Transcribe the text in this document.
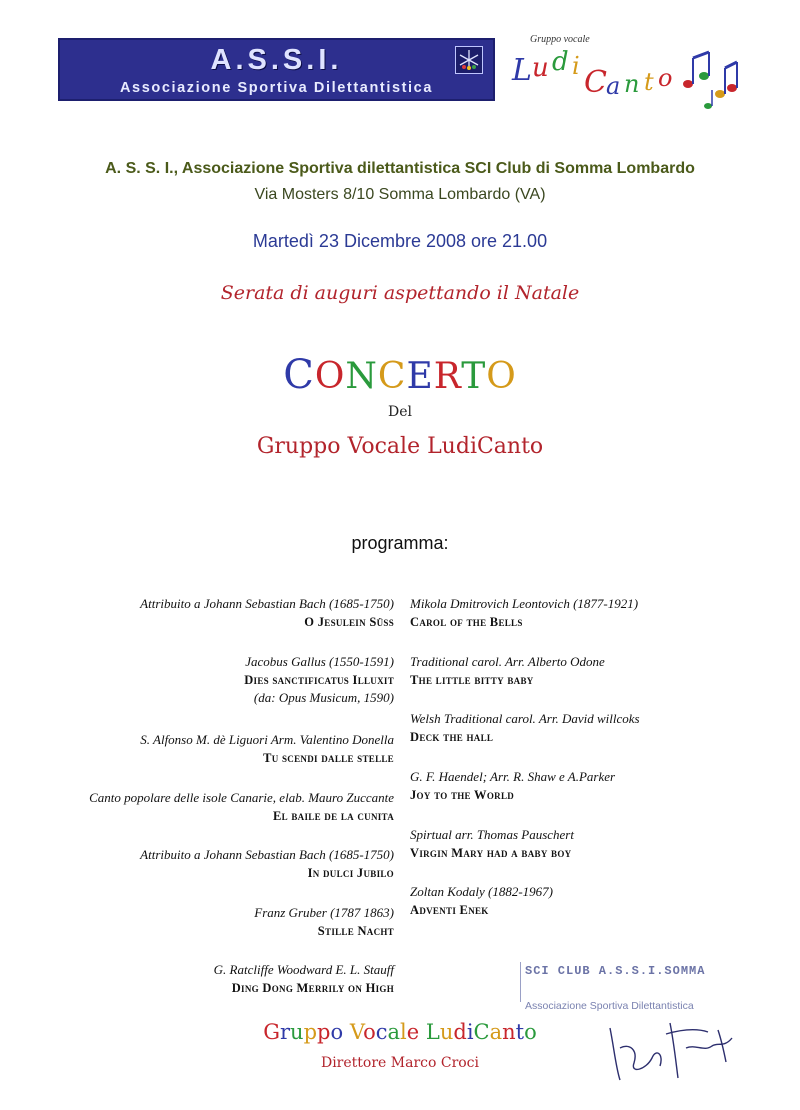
A.S.S.I.
Associazione Sportiva Dilettantistica
Gruppo vocale
L u d i C a n t o
A. S. S. I., Associazione Sportiva dilettantistica SCI Club di Somma Lombardo
Via Mosters 8/10 Somma Lombardo (VA)
Martedì 23 Dicembre 2008 ore 21.00
Serata di auguri aspettando il Natale
CONCERTO
Del
Gruppo Vocale LudiCanto
programma:
Attribuito a Johann Sebastian Bach (1685-1750)
O Jesulein Süss
Jacobus Gallus (1550-1591)
Dies sanctificatus Illuxit
(da: Opus Musicum, 1590)
S. Alfonso M. dè Liguori Arm. Valentino Donella
Tu scendi dalle stelle
Canto popolare delle isole Canarie, elab. Mauro Zuccante
El baile de la cunita
Attribuito a Johann Sebastian Bach (1685-1750)
In dulci Jubilo
Franz Gruber (1787 1863)
Stille Nacht
G. Ratcliffe Woodward E. L. Stauff
Ding Dong Merrily on High
Mikola Dmitrovich Leontovich (1877-1921)
Carol of the Bells
Traditional carol. Arr. Alberto Odone
The little bitty baby
Welsh Traditional carol. Arr. David willcoks
Deck the hall
G. F. Haendel; Arr. R. Shaw e A.Parker
Joy to the World
Spirtual arr. Thomas Pauschert
Virgin Mary had a baby boy
Zoltan Kodaly (1882-1967)
Adventi Enek
Gruppo Vocale LudiCanto
Direttore Marco Croci
SCI CLUB A.S.S.I.SOMMA
Associazione Sportiva Dilettantistica
